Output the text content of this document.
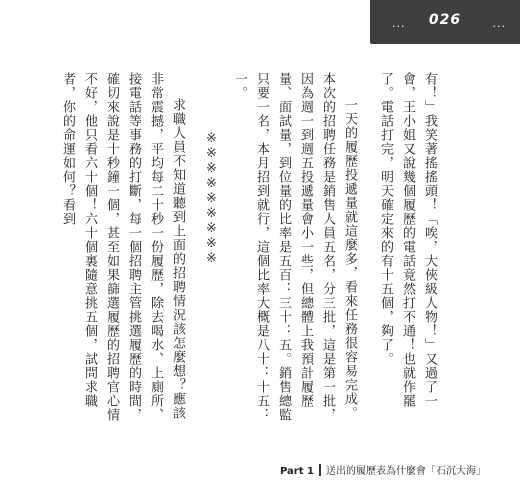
...	026	...

有！」我笑著搖搖頭！「唉，大俠級人物！」又過了一會，王小姐又說幾個履歷的電話竟然打不通！也就作罷了。電話打完，明天確定來的有十五個，夠了。

一天的履歷投遞量就這麼多，看來任務很容易完成。本次的招聘任務是銷售人員五名，分三批，這是第一批，因為週一到週五投遞量會小一些，但總體上我預計履歷量、面試量，到位量的比率是五百：三十：五。銷售總監只要一名，本月招到就行，這個比率大概是八十：十五：一。

※※※※※※※※※

求職人員不知道聽到上面的招聘情況該怎麼想？應該非常震撼，平均每二十秒一份履歷，除去喝水、上廁所、接電話等事務的打斷，每一個招聘主管挑選履歷的時間，確切來說是十秒鐘一個，甚至如果篩選履歷的招聘官心情不好，他只看六十個！六十個裏隨意挑五個，試問求職者，你的命運如何？看到

Part 1 送出的履歷表為什麼會「石沉大海」
